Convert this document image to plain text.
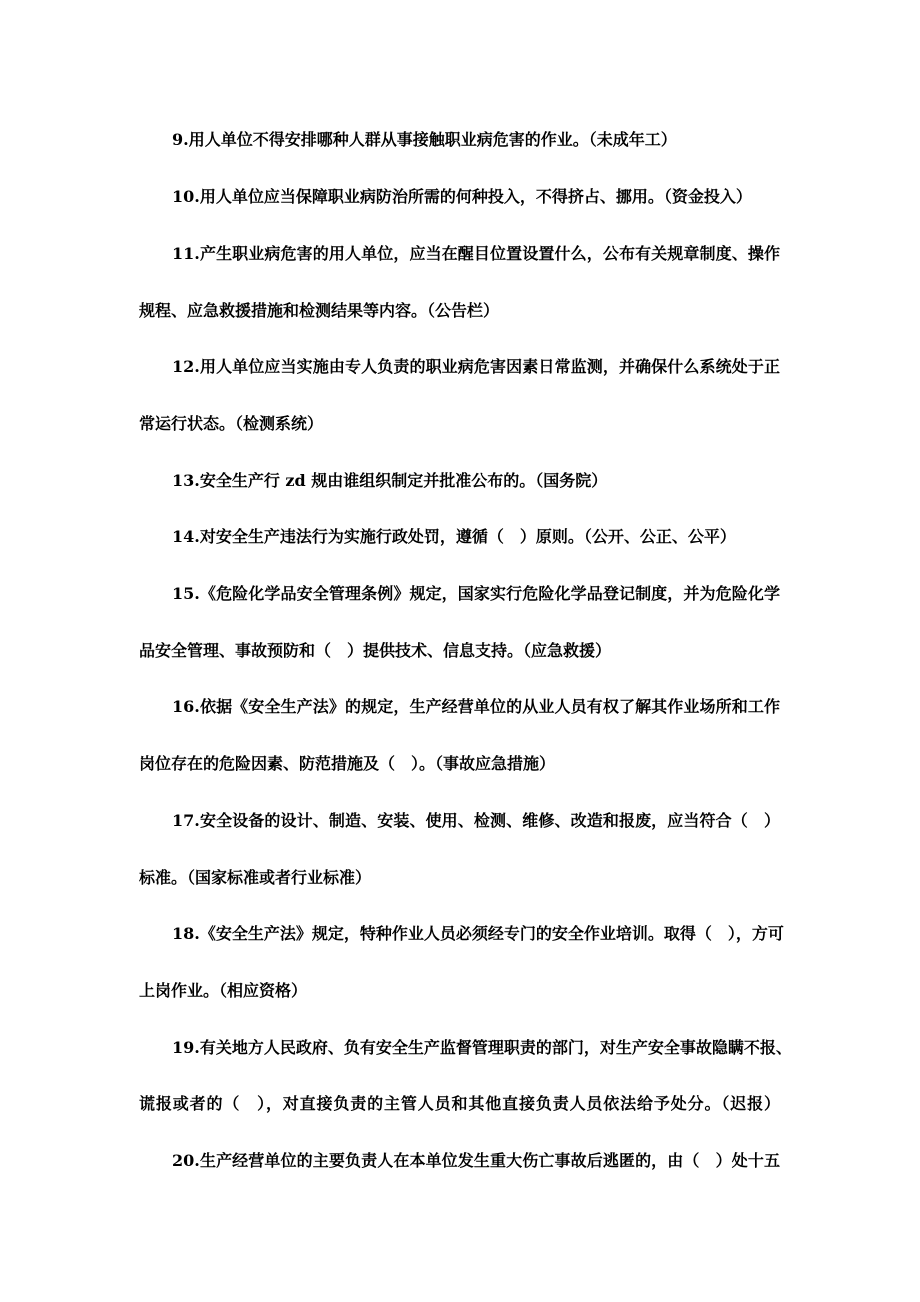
9.用人单位不得安排哪种人群从事接触职业病危害的作业。（未成年工）
10.用人单位应当保障职业病防治所需的何种投入，不得挤占、挪用。（资金投入）
11.产生职业病危害的用人单位，应当在醒目位置设置什么，公布有关规章制度、操作
规程、应急救援措施和检测结果等内容。（公告栏）
12.用人单位应当实施由专人负责的职业病危害因素日常监测，并确保什么系统处于正
常运行状态。（检测系统）
13.安全生产行 zd 规由谁组织制定并批准公布的。（国务院）
14.对安全生产违法行为实施行政处罚，遵循（　）原则。（公开、公正、公平）
15.《危险化学品安全管理条例》规定，国家实行危险化学品登记制度，并为危险化学
品安全管理、事故预防和（　）提供技术、信息支持。（应急救援）
16.依据《安全生产法》的规定，生产经营单位的从业人员有权了解其作业场所和工作
岗位存在的危险因素、防范措施及（　）。（事故应急措施）
17.安全设备的设计、制造、安装、使用、检测、维修、改造和报废，应当符合（　）
标准。（国家标准或者行业标准）
18.《安全生产法》规定，特种作业人员必须经专门的安全作业培训。取得（　），方可
上岗作业。（相应资格）
19.有关地方人民政府、负有安全生产监督管理职责的部门，对生产安全事故隐瞒不报、
谎报或者的（　），对直接负责的主管人员和其他直接负责人员依法给予处分。（迟报）
20.生产经营单位的主要负责人在本单位发生重大伤亡事故后逃匿的，由（　）处十五
